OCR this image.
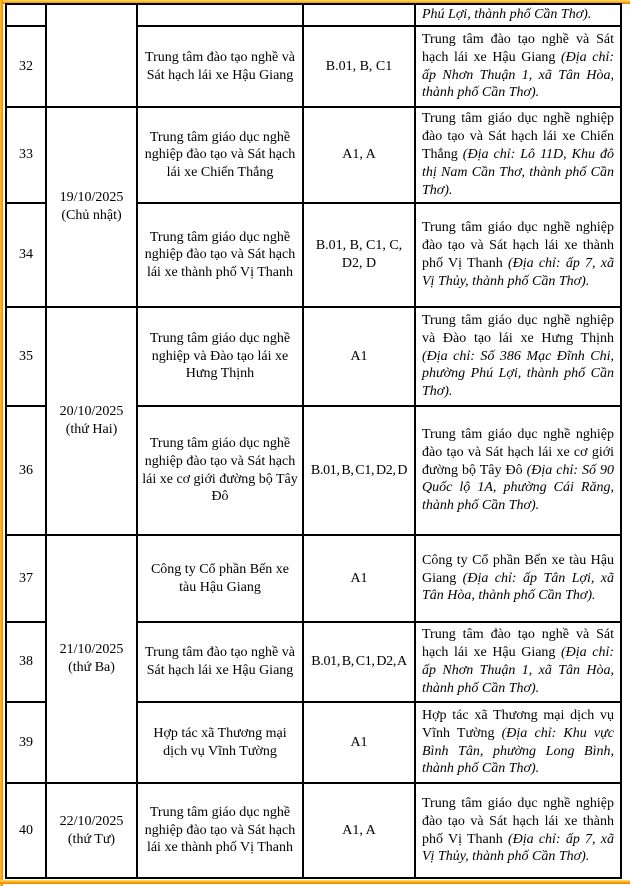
Phú Lợi, thành phố Cần Thơ).

19/10/2025
(Chủ nhật)
20/10/2025
(thứ Hai)
21/10/2025
(thứ Ba)
22/10/2025
(thứ Tư)
32
Trung tâm đào tạo nghề và Sát hạch lái xe Hậu Giang
B.01, B, C1

Trung tâm đào tạo nghề và Sát hạch lái xe Hậu Giang (Địa chỉ: ấp Nhơn Thuận 1, xã Tân Hòa, thành phố Cần Thơ).

33
Trung tâm giáo dục nghề nghiệp đào tạo và Sát hạch lái xe Chiến Thắng
A1, A

Trung tâm giáo dục nghề nghiệp đào tạo và Sát hạch lái xe Chiến Thắng (Địa chỉ: Lô 11D, Khu đô thị Nam Cần Thơ, thành phố Cần Thơ).

34
Trung tâm giáo dục nghề nghiệp đào tạo và Sát hạch lái xe thành phố Vị Thanh
B.01, B, C1, C, D2, D

Trung tâm giáo dục nghề nghiệp đào tạo và Sát hạch lái xe thành phố Vị Thanh (Địa chỉ: ấp 7, xã Vị Thủy, thành phố Cần Thơ).

35
Trung tâm giáo dục nghề nghiệp và Đào tạo lái xe Hưng Thịnh
A1

Trung tâm giáo dục nghề nghiệp và Đào tạo lái xe Hưng Thịnh (Địa chỉ: Số 386 Mạc Đĩnh Chi, phường Phú Lợi, thành phố Cần Thơ).

36
Trung tâm giáo dục nghề nghiệp đào tạo và Sát hạch lái xe cơ giới đường bộ Tây Đô
B.01, B, C1, D2, D

Trung tâm giáo dục nghề nghiệp đào tạo và Sát hạch lái xe cơ giới đường bộ Tây Đô (Địa chỉ: Số 90 Quốc lộ 1A, phường Cái Răng, thành phố Cần Thơ).

37
Công ty Cổ phần Bến xe tàu Hậu Giang
A1

Công ty Cổ phần Bến xe tàu Hậu Giang (Địa chỉ: ấp Tân Lợi, xã Tân Hòa, thành phố Cần Thơ).

38
Trung tâm đào tạo nghề và Sát hạch lái xe Hậu Giang
B.01, B, C1, D2, A

Trung tâm đào tạo nghề và Sát hạch lái xe Hậu Giang (Địa chỉ: ấp Nhơn Thuận 1, xã Tân Hòa, thành phố Cần Thơ).

39
Hợp tác xã Thương mại dịch vụ Vĩnh Tường
A1

Hợp tác xã Thương mại dịch vụ Vĩnh Tường (Địa chỉ: Khu vực Bình Tân, phường Long Bình, thành phố Cần Thơ).

40
Trung tâm giáo dục nghề nghiệp đào tạo và Sát hạch lái xe thành phố Vị Thanh
A1, A

Trung tâm giáo dục nghề nghiệp đào tạo và Sát hạch lái xe thành phố Vị Thanh (Địa chỉ: ấp 7, xã Vị Thủy, thành phố Cần Thơ).
